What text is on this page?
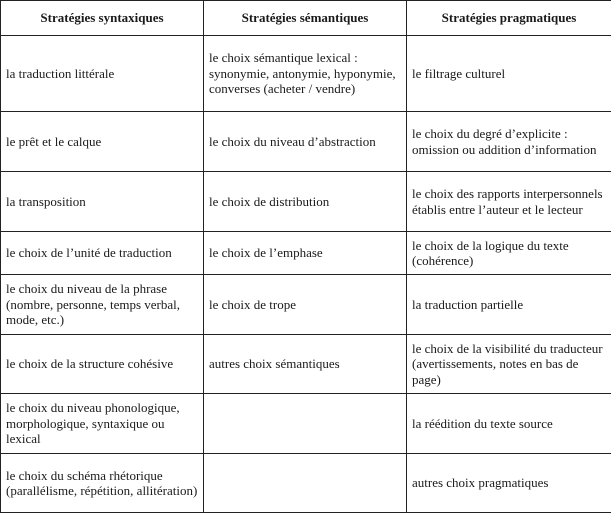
Stratégies syntaxiques	Stratégies sémantiques	Stratégies pragmatiques
la traduction littérale	le choix sémantique lexical : synonymie, antonymie, hyponymie, converses (acheter / vendre)	le filtrage culturel
le prêt et le calque	le choix du niveau d’abstraction	le choix du degré d’explicite : omission ou addition d’information
la transposition	le choix de distribution	le choix des rapports interpersonnels établis entre l’auteur et le lecteur
le choix de l’unité de traduction	le choix de l’emphase	le choix de la logique du texte (cohérence)
le choix du niveau de la phrase (nombre, personne, temps verbal, mode, etc.)	le choix de trope	la traduction partielle
le choix de la structure cohésive	autres choix sémantiques	le choix de la visibilité du traducteur (avertissements, notes en bas de page)
le choix du niveau phonologique, morphologique, syntaxique ou lexical		la réédition du texte source
le choix du schéma rhétorique (parallélisme, répétition, allitération)		autres choix pragmatiques
